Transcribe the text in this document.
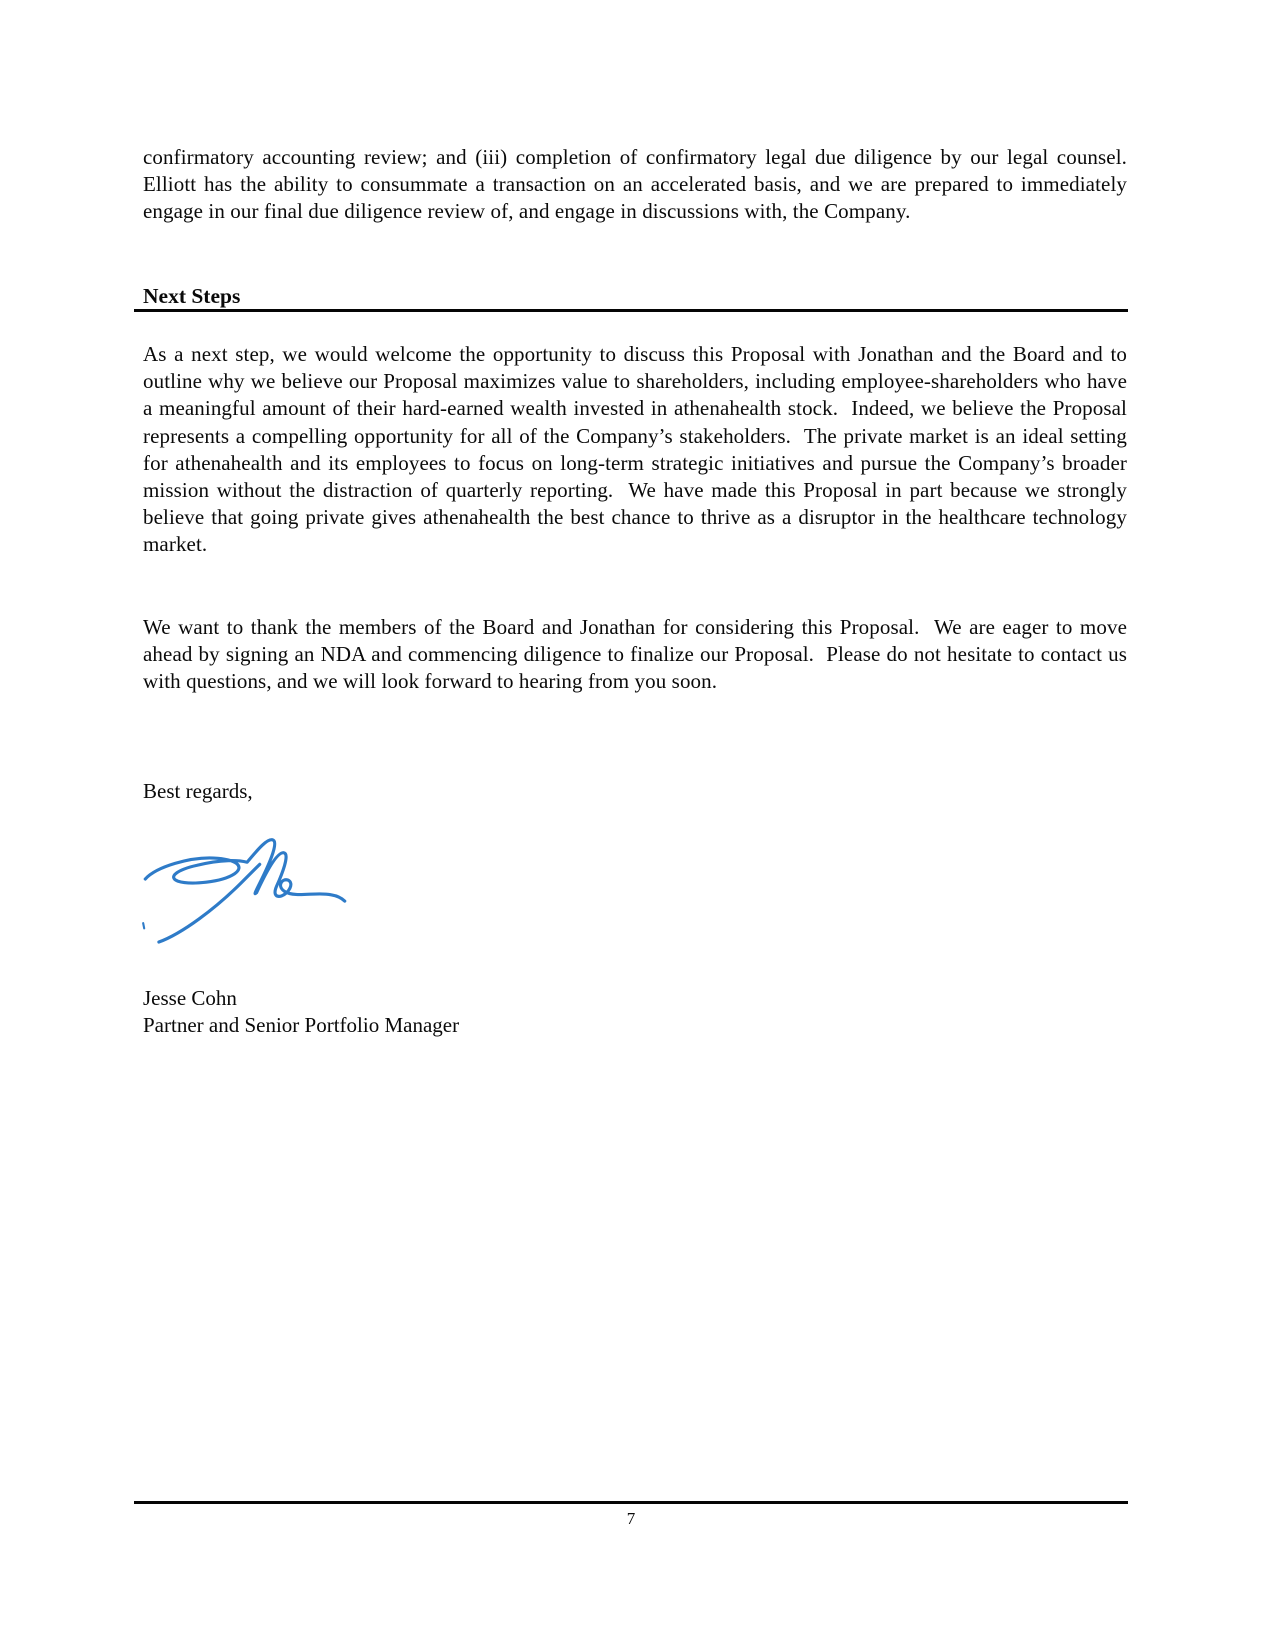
confirmatory accounting review; and (iii) completion of confirmatory legal due diligence by our legal counsel.  Elliott has the ability to consummate a transaction on an accelerated basis, and we are prepared to immediately engage in our final due diligence review of, and engage in discussions with, the Company.

Next Steps

As a next step, we would welcome the opportunity to discuss this Proposal with Jonathan and the Board and to outline why we believe our Proposal maximizes value to shareholders, including employee-shareholders who have a meaningful amount of their hard-earned wealth invested in athenahealth stock.  Indeed, we believe the Proposal represents a compelling opportunity for all of the Company’s stakeholders.  The private market is an ideal setting for athenahealth and its employees to focus on long-term strategic initiatives and pursue the Company’s broader mission without the distraction of quarterly reporting.  We have made this Proposal in part because we strongly believe that going private gives athenahealth the best chance to thrive as a disruptor in the healthcare technology market.

We want to thank the members of the Board and Jonathan for considering this Proposal.  We are eager to move ahead by signing an NDA and commencing diligence to finalize our Proposal.  Please do not hesitate to contact us with questions, and we will look forward to hearing from you soon.

Best regards,

Jesse Cohn

Partner and Senior Portfolio Manager

7
